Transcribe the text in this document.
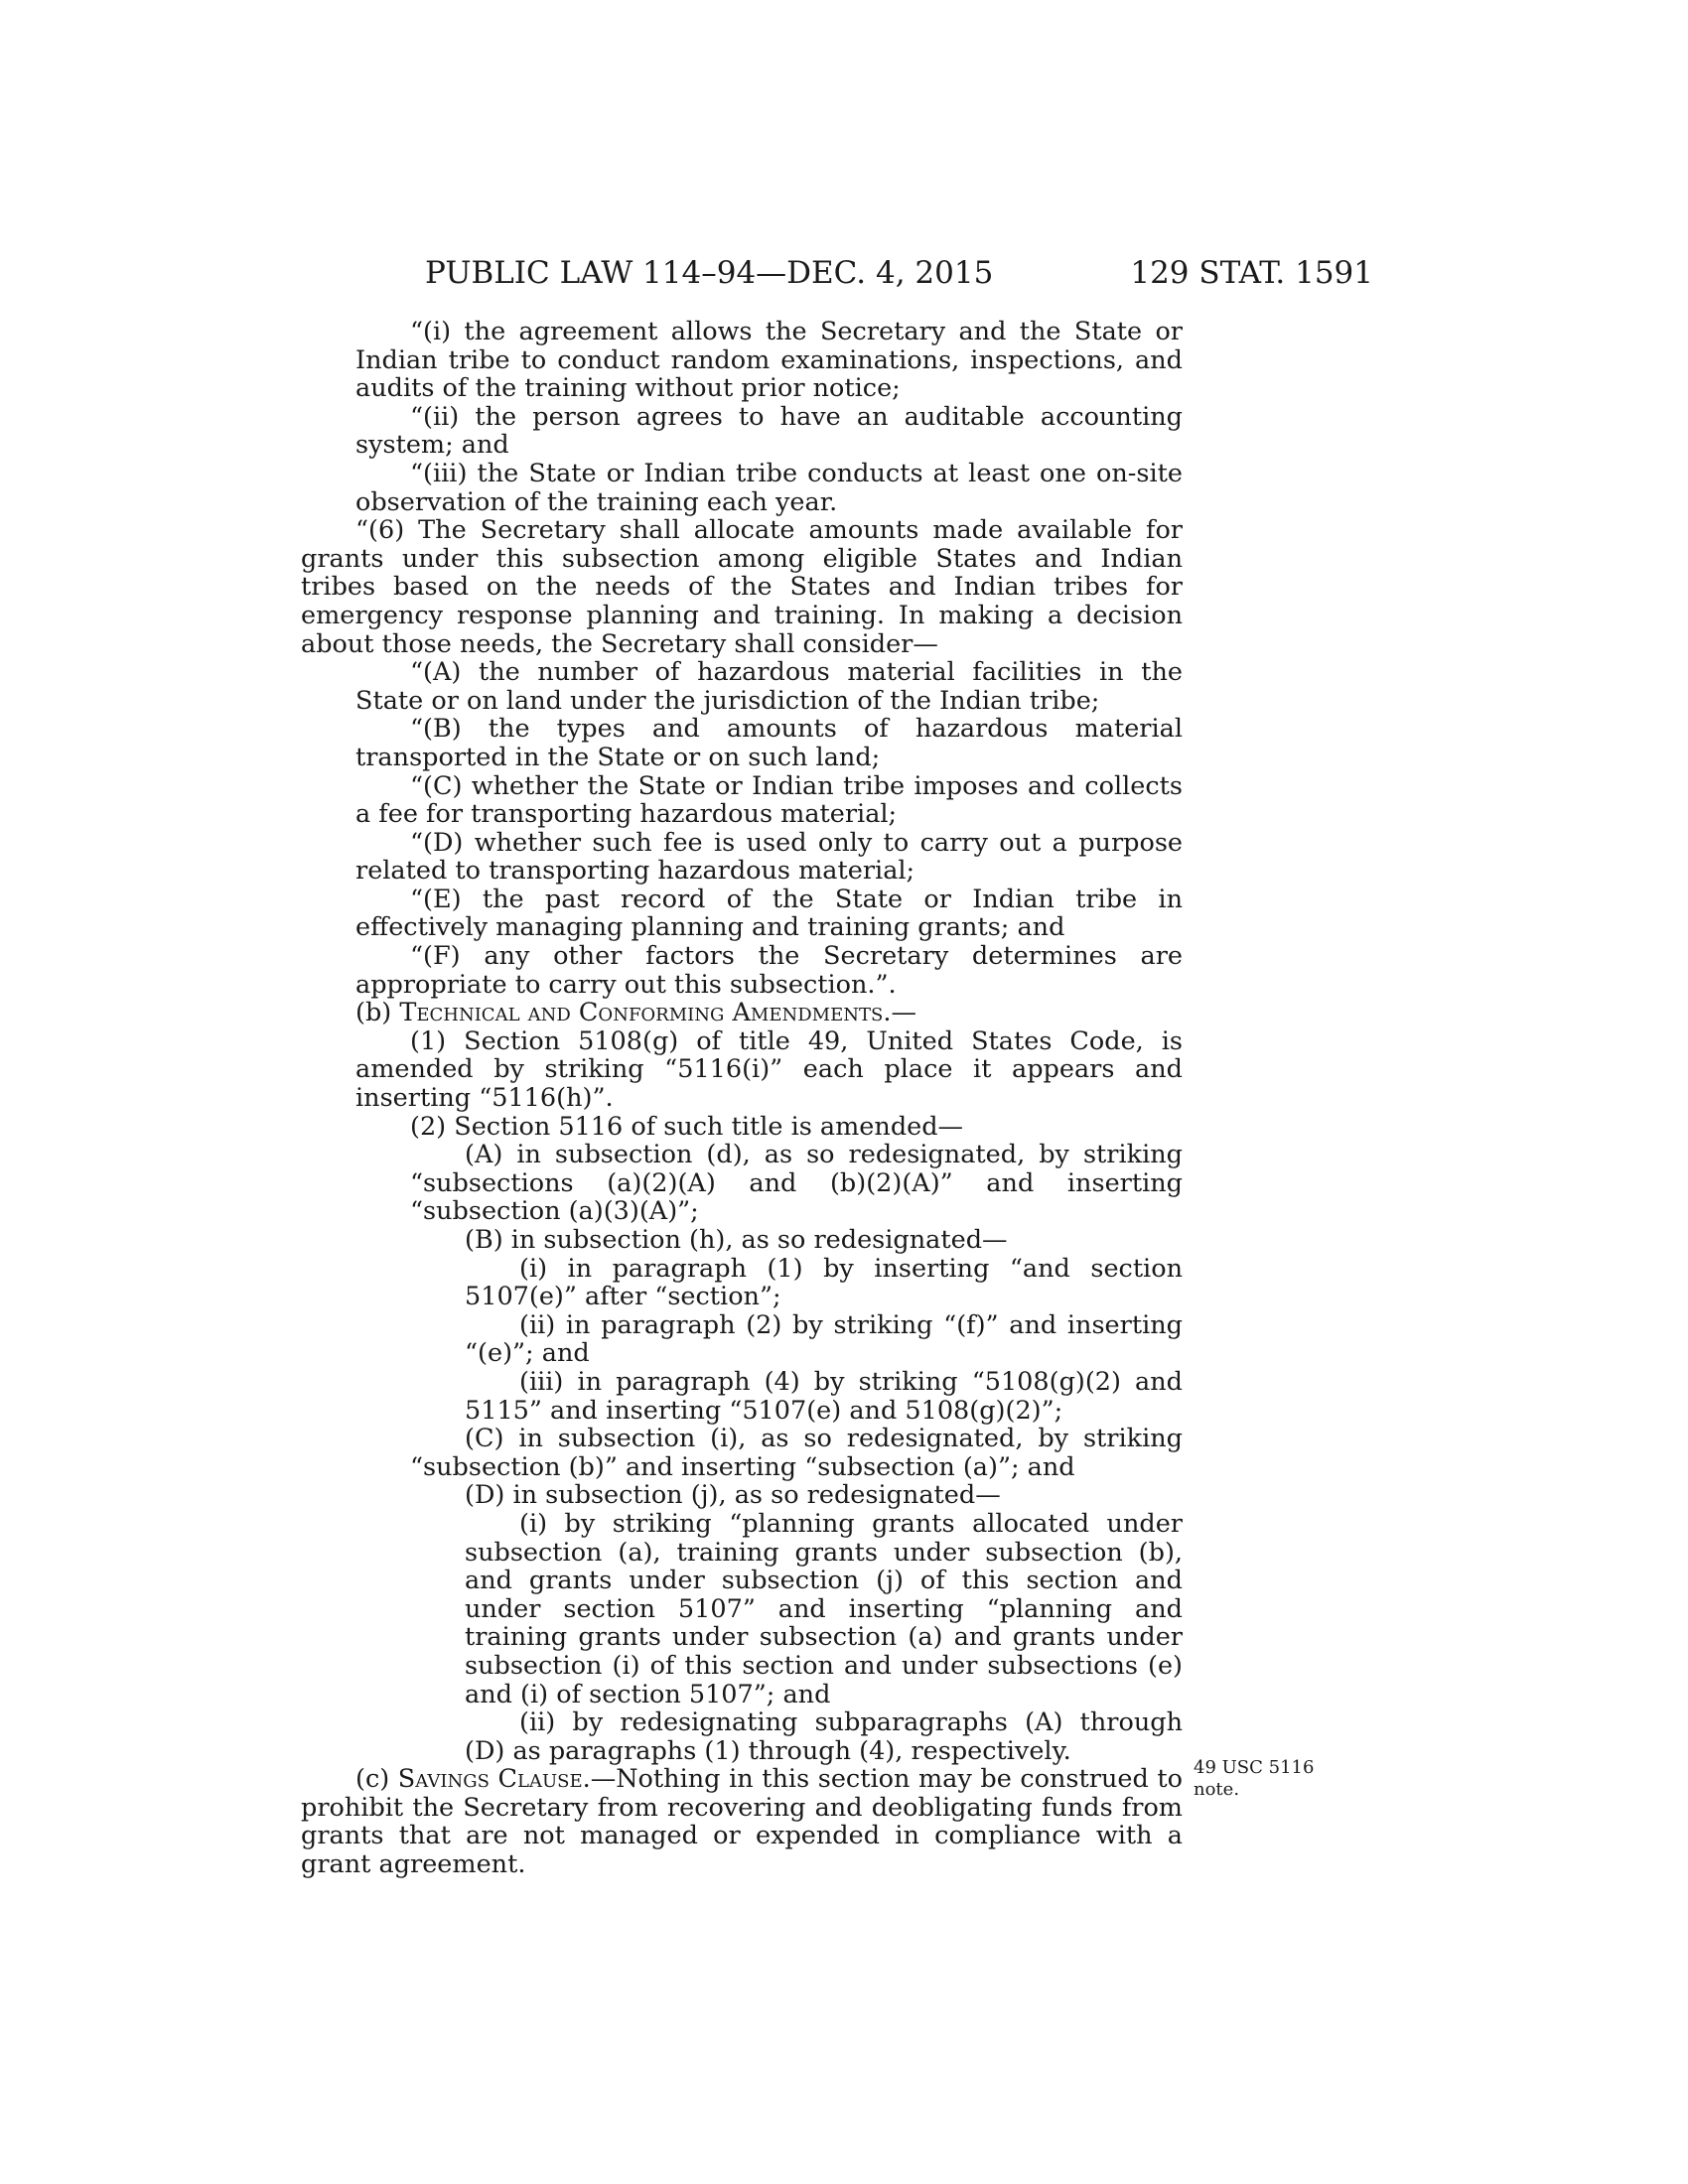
PUBLIC LAW 114–94—DEC. 4, 2015	129 STAT. 1591
“(i) the agreement allows the Secretary and the State or Indian tribe to conduct random examinations, inspections, and audits of the training without prior notice;
“(ii) the person agrees to have an auditable accounting system; and
“(iii) the State or Indian tribe conducts at least one on-site observation of the training each year.
“(6) The Secretary shall allocate amounts made available for grants under this subsection among eligible States and Indian tribes based on the needs of the States and Indian tribes for emergency response planning and training. In making a decision about those needs, the Secretary shall consider—
“(A) the number of hazardous material facilities in the State or on land under the jurisdiction of the Indian tribe;
“(B) the types and amounts of hazardous material transported in the State or on such land;
“(C) whether the State or Indian tribe imposes and collects a fee for transporting hazardous material;
“(D) whether such fee is used only to carry out a purpose related to transporting hazardous material;
“(E) the past record of the State or Indian tribe in effectively managing planning and training grants; and
“(F) any other factors the Secretary determines are appropriate to carry out this subsection.”.
(b) Technical and Conforming Amendments.—
(1) Section 5108(g) of title 49, United States Code, is amended by striking “5116(i)” each place it appears and inserting “5116(h)”.
(2) Section 5116 of such title is amended—
(A) in subsection (d), as so redesignated, by striking “subsections (a)(2)(A) and (b)(2)(A)” and inserting “subsection (a)(3)(A)”;
(B) in subsection (h), as so redesignated—
(i) in paragraph (1) by inserting “and section 5107(e)” after “section”;
(ii) in paragraph (2) by striking “(f)” and inserting “(e)”; and
(iii) in paragraph (4) by striking “5108(g)(2) and 5115” and inserting “5107(e) and 5108(g)(2)”;
(C) in subsection (i), as so redesignated, by striking “subsection (b)” and inserting “subsection (a)”; and
(D) in subsection (j), as so redesignated—
(i) by striking “planning grants allocated under subsection (a), training grants under subsection (b), and grants under subsection (j) of this section and under section 5107” and inserting “planning and training grants under subsection (a) and grants under subsection (i) of this section and under subsections (e) and (i) of section 5107”; and
(ii) by redesignating subparagraphs (A) through (D) as paragraphs (1) through (4), respectively.
(c) Savings Clause.—Nothing in this section may be construed to prohibit the Secretary from recovering and deobligating funds from grants that are not managed or expended in compliance with a grant agreement.
49 USC 5116
note.
